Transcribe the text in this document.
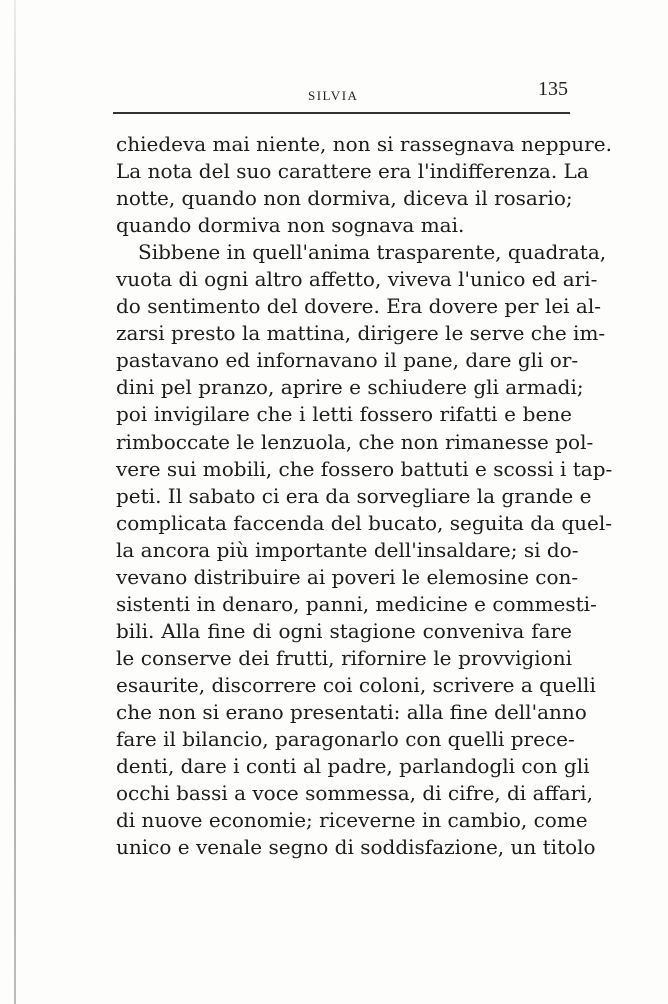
SILVIA	135
chiedeva mai niente, non si rassegnava neppure.
La nota del suo carattere era l'indifferenza. La
notte, quando non dormiva, diceva il rosario;
quando dormiva non sognava mai.
Sibbene in quell'anima trasparente, quadrata,
vuota di ogni altro affetto, viveva l'unico ed ari-
do sentimento del dovere. Era dovere per lei al-
zarsi presto la mattina, dirigere le serve che im-
pastavano ed infornavano il pane, dare gli or-
dini pel pranzo, aprire e schiudere gli armadi;
poi invigilare che i letti fossero rifatti e bene
rimboccate le lenzuola, che non rimanesse pol-
vere sui mobili, che fossero battuti e scossi i tap-
peti. Il sabato ci era da sorvegliare la grande e
complicata faccenda del bucato, seguita da quel-
la ancora più importante dell'insaldare; si do-
vevano distribuire ai poveri le elemosine con-
sistenti in denaro, panni, medicine e commesti-
bili. Alla fine di ogni stagione conveniva fare
le conserve dei frutti, rifornire le provvigioni
esaurite, discorrere coi coloni, scrivere a quelli
che non si erano presentati: alla fine dell'anno
fare il bilancio, paragonarlo con quelli prece-
denti, dare i conti al padre, parlandogli con gli
occhi bassi a voce sommessa, di cifre, di affari,
di nuove economie; riceverne in cambio, come
unico e venale segno di soddisfazione, un titolo
